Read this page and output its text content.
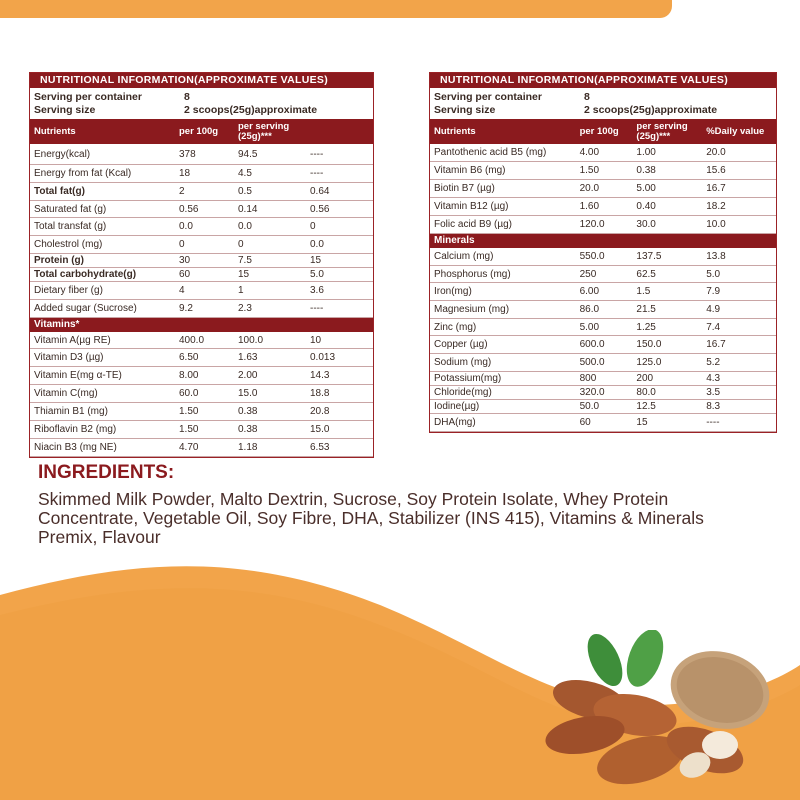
NUTRITIONAL INFORMATION(APPROXIMATE VALUES)
Serving per container	8
Serving size	2 scoops(25g)approximate
Nutrients	per 100g	per serving (25g)***
Energy(kcal)	378	94.5	----
Energy from fat (Kcal)	18	4.5	----
Total fat(g)	2	0.5	0.64
Saturated fat (g)	0.56	0.14	0.56
Total transfat (g)	0.0	0.0	0
Cholestrol (mg)	0	0	0.0
Protein (g)	30	7.5	15
Total carbohydrate(g)	60	15	5.0
Dietary fiber (g)	4	1	3.6
Added sugar (Sucrose)	9.2	2.3	----
Vitamins*
Vitamin A(µg RE)	400.0	100.0	10
Vitamin D3 (µg)	6.50	1.63	0.013
Vitamin E(mg α-TE)	8.00	2.00	14.3
Vitamin C(mg)	60.0	15.0	18.8
Thiamin B1 (mg)	1.50	0.38	20.8
Riboflavin B2 (mg)	1.50	0.38	15.0
Niacin B3 (mg NE)	4.70	1.18	6.53
NUTRITIONAL INFORMATION(APPROXIMATE VALUES)
Serving per container	8
Serving size	2 scoops(25g)approximate
Nutrients	per 100g	per serving (25g)***	%Daily value
Pantothenic acid B5 (mg)	4.00	1.00	20.0
Vitamin B6 (mg)	1.50	0.38	15.6
Biotin B7 (µg)	20.0	5.00	16.7
Vitamin B12 (µg)	1.60	0.40	18.2
Folic acid B9 (µg)	120.0	30.0	10.0
Minerals
Calcium (mg)	550.0	137.5	13.8
Phosphorus (mg)	250	62.5	5.0
Iron(mg)	6.00	1.5	7.9
Magnesium (mg)	86.0	21.5	4.9
Zinc (mg)	5.00	1.25	7.4
Copper (µg)	600.0	150.0	16.7
Sodium (mg)	500.0	125.0	5.2
Potassium(mg)	800	200	4.3
Chloride(mg)	320.0	80.0	3.5
Iodine(µg)	50.0	12.5	8.3
DHA(mg)	60	15	----
INGREDIENTS:
Skimmed Milk Powder, Malto Dextrin, Sucrose, Soy Protein Isolate, Whey Protein Concentrate, Vegetable Oil, Soy Fibre, DHA, Stabilizer (INS 415), Vitamins & Minerals Premix, Flavour
